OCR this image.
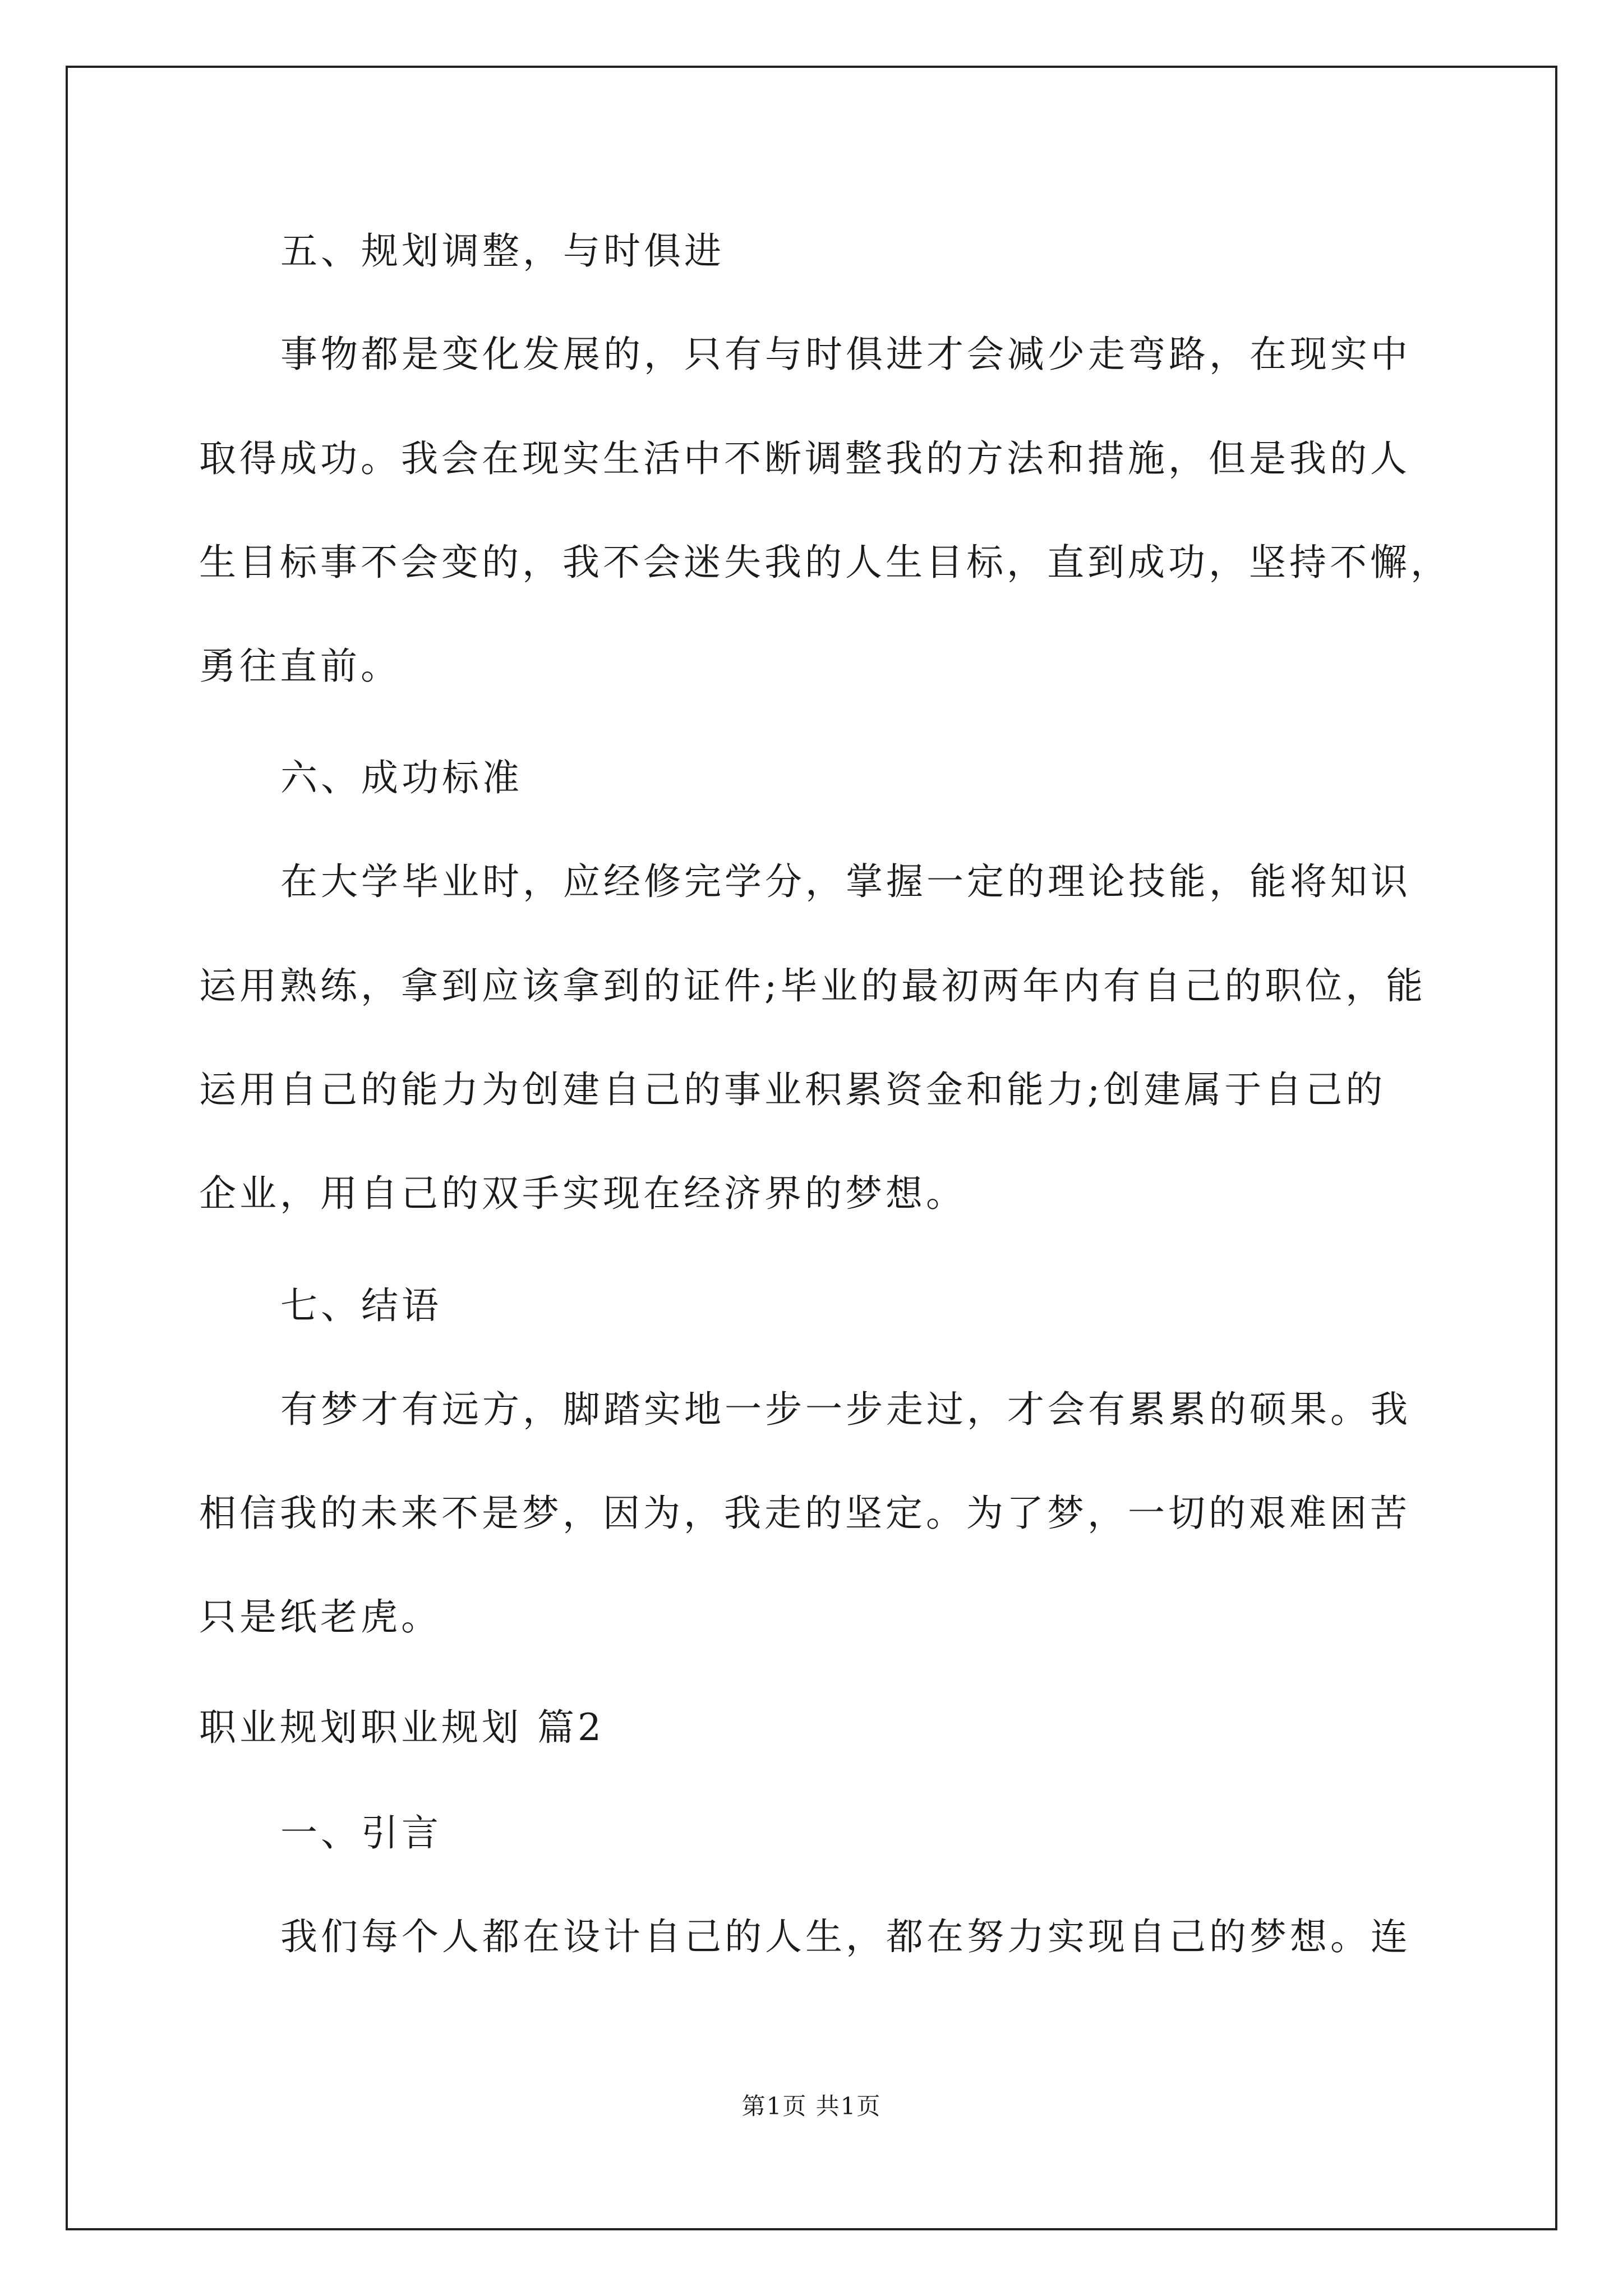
五、规划调整，与时俱进
事物都是变化发展的，只有与时俱进才会减少走弯路，在现实中
取得成功。我会在现实生活中不断调整我的方法和措施，但是我的人
生目标事不会变的，我不会迷失我的人生目标，直到成功，坚持不懈，
勇往直前。
六、成功标准
在大学毕业时，应经修完学分，掌握一定的理论技能，能将知识
运用熟练，拿到应该拿到的证件;毕业的最初两年内有自己的职位，能
运用自己的能力为创建自己的事业积累资金和能力;创建属于自己的
企业，用自己的双手实现在经济界的梦想。
七、结语
有梦才有远方，脚踏实地一步一步走过，才会有累累的硕果。我
相信我的未来不是梦，因为，我走的坚定。为了梦，一切的艰难困苦
只是纸老虎。
职业规划职业规划 篇2
一、引言
我们每个人都在设计自己的人生，都在努力实现自己的梦想。连
第1页 共1页
